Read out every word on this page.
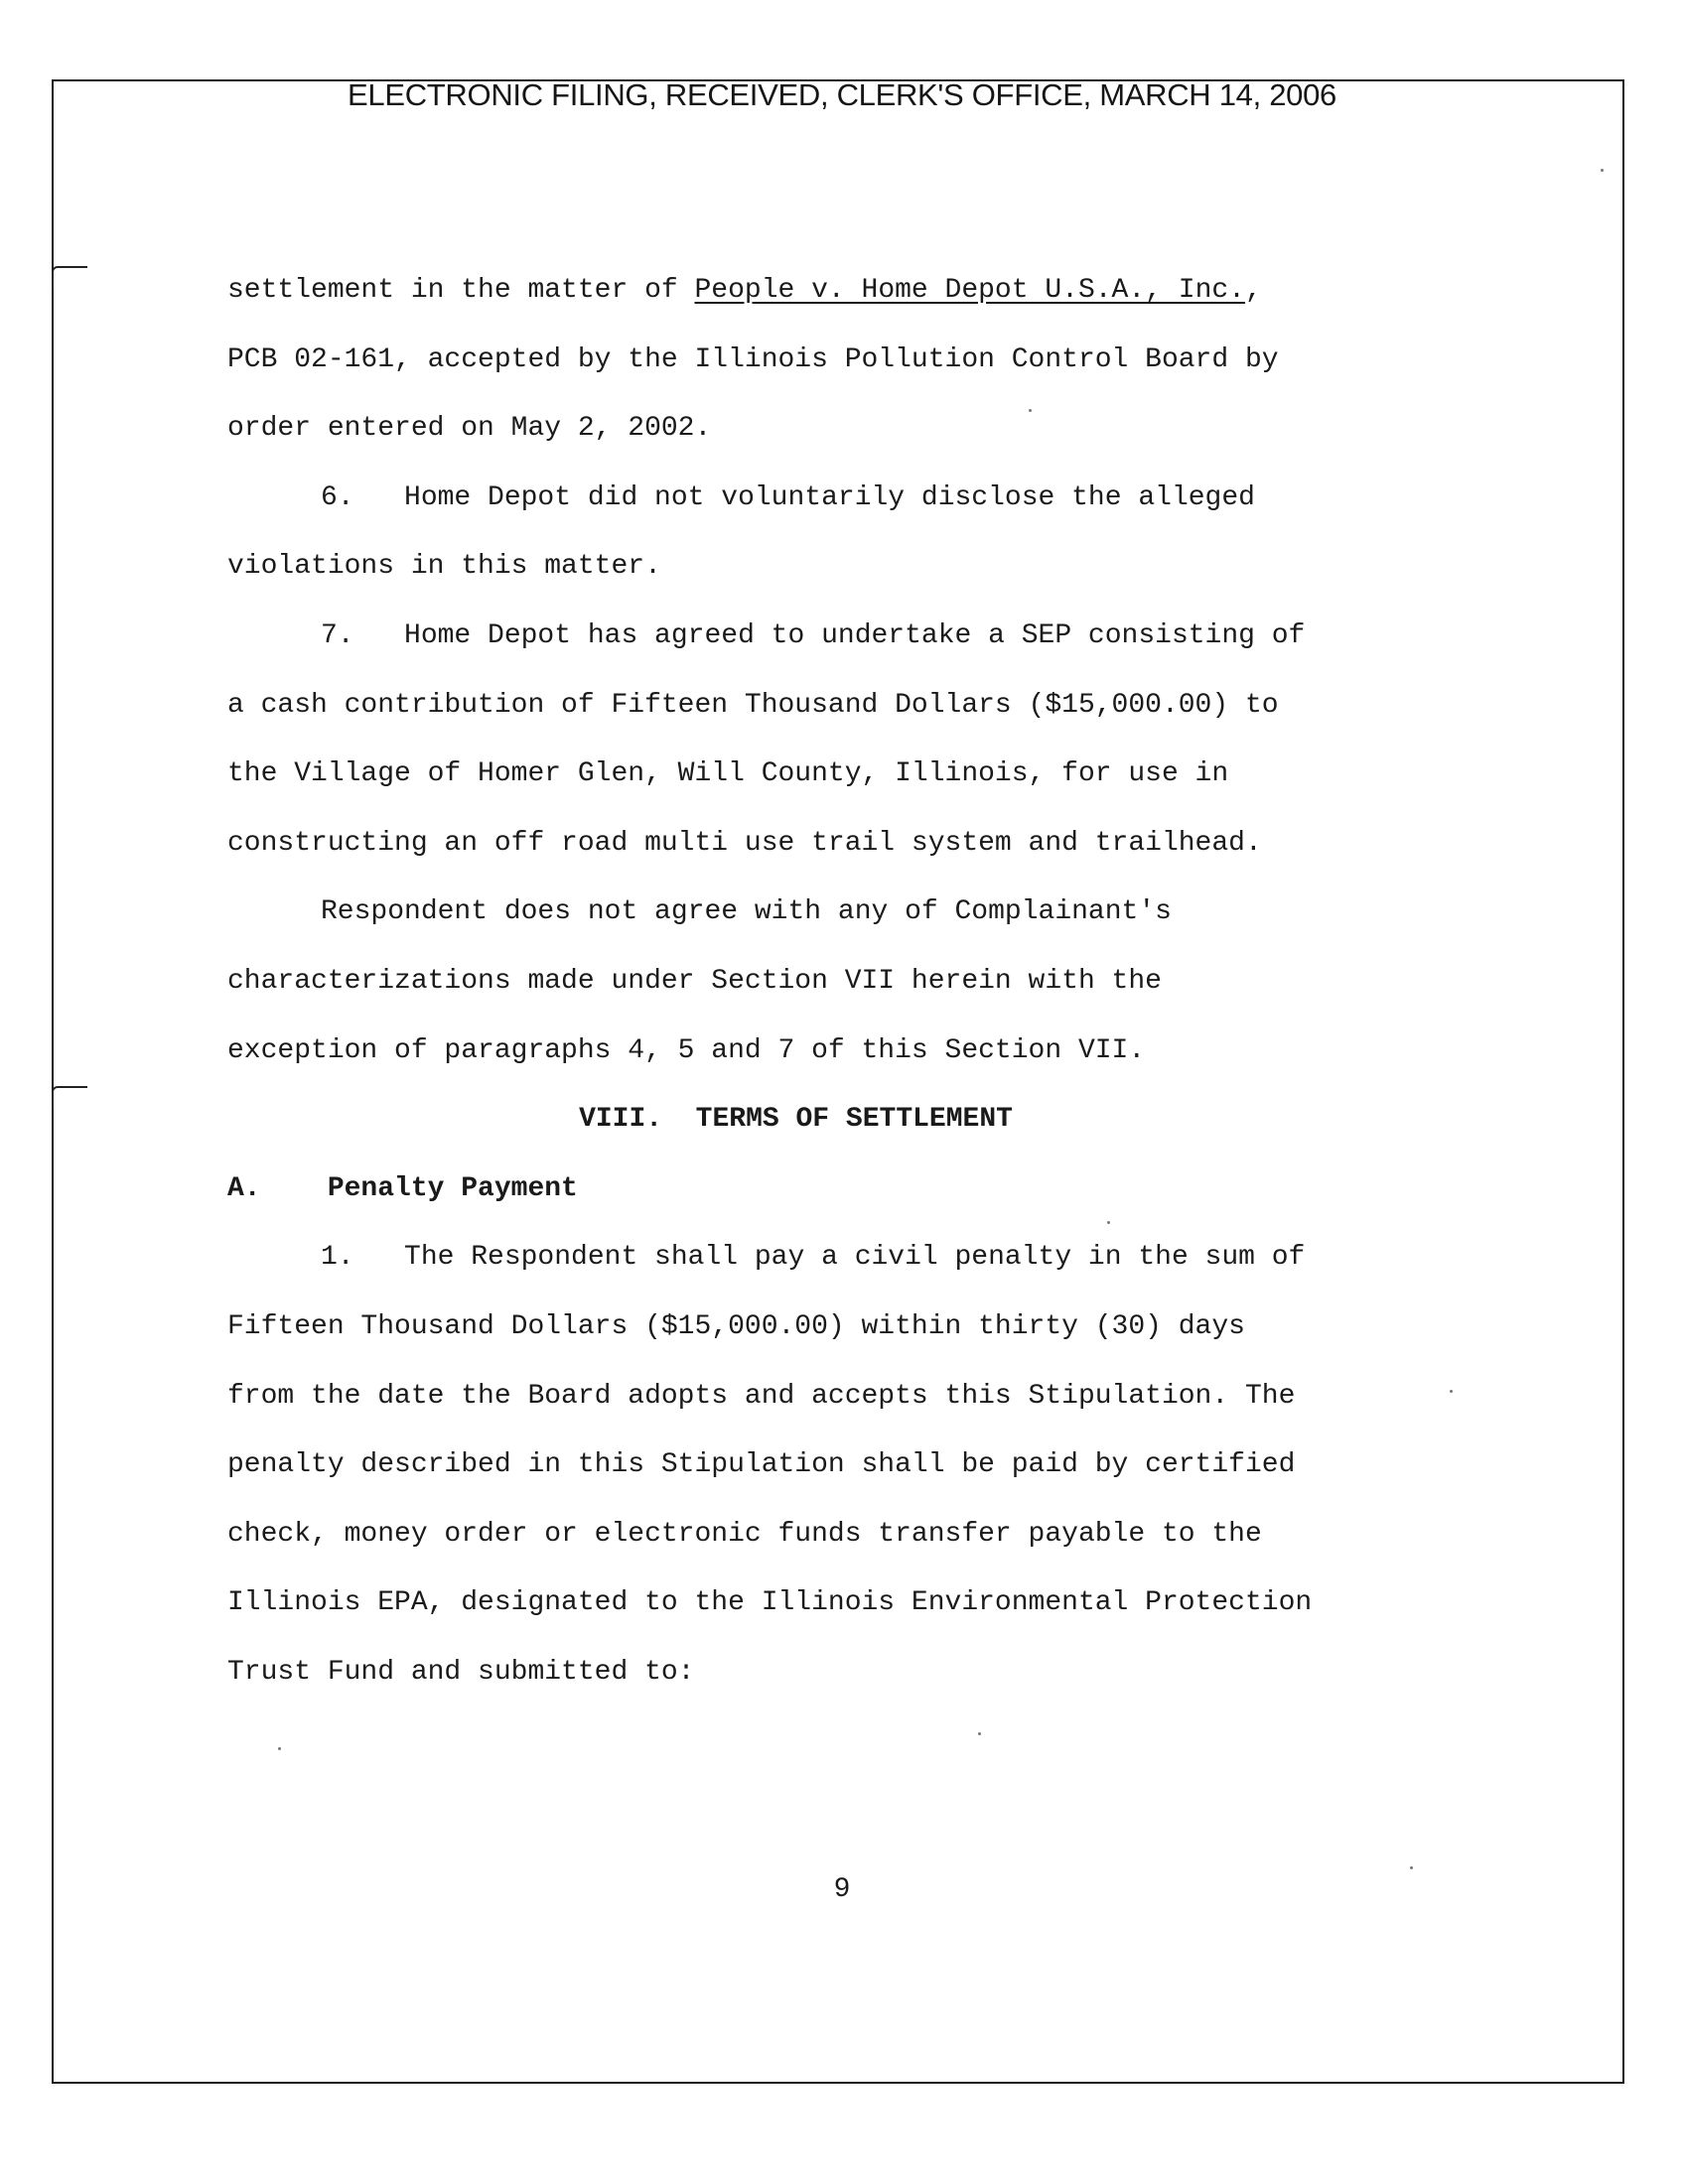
ELECTRONIC FILING, RECEIVED, CLERK'S OFFICE, MARCH 14, 2006

settlement in the matter of People v. Home Depot U.S.A., Inc.,
PCB 02-161, accepted by the Illinois Pollution Control Board by
order entered on May 2, 2002.
6.   Home Depot did not voluntarily disclose the alleged
violations in this matter.
7.   Home Depot has agreed to undertake a SEP consisting of
a cash contribution of Fifteen Thousand Dollars ($15,000.00) to
the Village of Homer Glen, Will County, Illinois, for use in
constructing an off road multi use trail system and trailhead.
Respondent does not agree with any of Complainant's
characterizations made under Section VII herein with the
exception of paragraphs 4, 5 and 7 of this Section VII.
VIII.  TERMS OF SETTLEMENT
A.    Penalty Payment
1.   The Respondent shall pay a civil penalty in the sum of
Fifteen Thousand Dollars ($15,000.00) within thirty (30) days
from the date the Board adopts and accepts this Stipulation. The
penalty described in this Stipulation shall be paid by certified
check, money order or electronic funds transfer payable to the
Illinois EPA, designated to the Illinois Environmental Protection
Trust Fund and submitted to:

9
